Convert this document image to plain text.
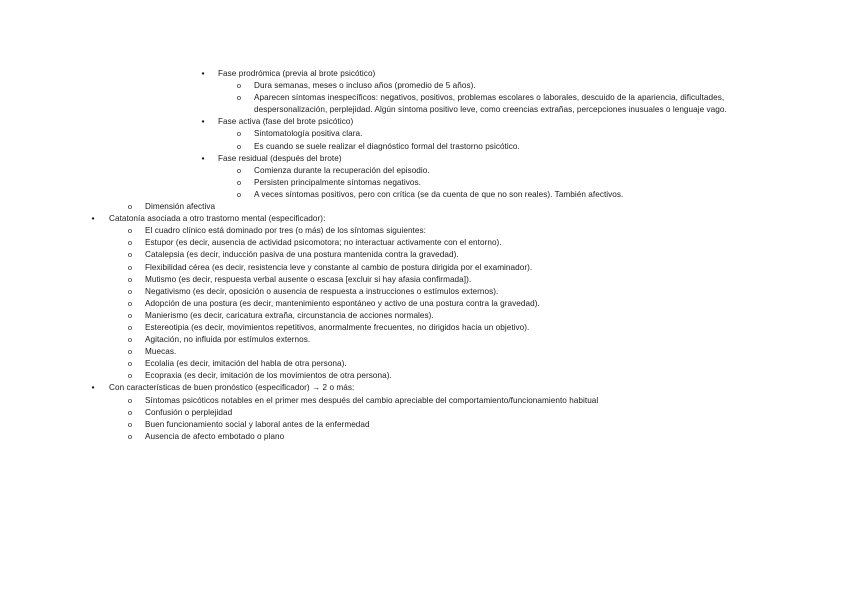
●
Fase prodrómica (previa al brote psicótico)
o
Dura semanas, meses o incluso años (promedio de 5 años).
o
Aparecen síntomas inespecíficos: negativos, positivos, problemas escolares o laborales, descuido de la apariencia, dificultades,
despersonalización, perplejidad. Algún síntoma positivo leve, como creencias extrañas, percepciones inusuales o lenguaje vago.
●
Fase activa (fase del brote psicótico)
o
Sintomatología positiva clara.
o
Es cuando se suele realizar el diagnóstico formal del trastorno psicótico.
●
Fase residual (después del brote)
o
Comienza durante la recuperación del episodio.
o
Persisten principalmente síntomas negativos.
o
A veces síntomas positivos, pero con crítica (se da cuenta de que no son reales). También afectivos.
o
Dimensión afectiva
●
Catatonía asociada a otro trastorno mental (especificador):
o
El cuadro clínico está dominado por tres (o más) de los síntomas siguientes:
o
Estupor (es decir, ausencia de actividad psicomotora; no interactuar activamente con el entorno).
o
Catalepsia (es decir, inducción pasiva de una postura mantenida contra la gravedad).
o
Flexibilidad cérea (es decir, resistencia leve y constante al cambio de postura dirigida por el examinador).
o
Mutismo (es decir, respuesta verbal ausente o escasa [excluir si hay afasia confirmada]).
o
Negativismo (es decir, oposición o ausencia de respuesta a instrucciones o estímulos externos).
o
Adopción de una postura (es decir, mantenimiento espontáneo y activo de una postura contra la gravedad).
o
Manierismo (es decir, caricatura extraña, circunstancia de acciones normales).
o
Estereotipia (es decir, movimientos repetitivos, anormalmente frecuentes, no dirigidos hacia un objetivo).
o
Agitación, no influida por estímulos externos.
o
Muecas.
o
Ecolalia (es decir, imitación del habla de otra persona).
o
Ecopraxia (es decir, imitación de los movimientos de otra persona).
●
Con características de buen pronóstico (especificador) → 2 o más:
o
Síntomas psicóticos notables en el primer mes después del cambio apreciable del comportamiento/funcionamiento habitual
o
Confusión o perplejidad
o
Buen funcionamiento social y laboral antes de la enfermedad
o
Ausencia de afecto embotado o plano
